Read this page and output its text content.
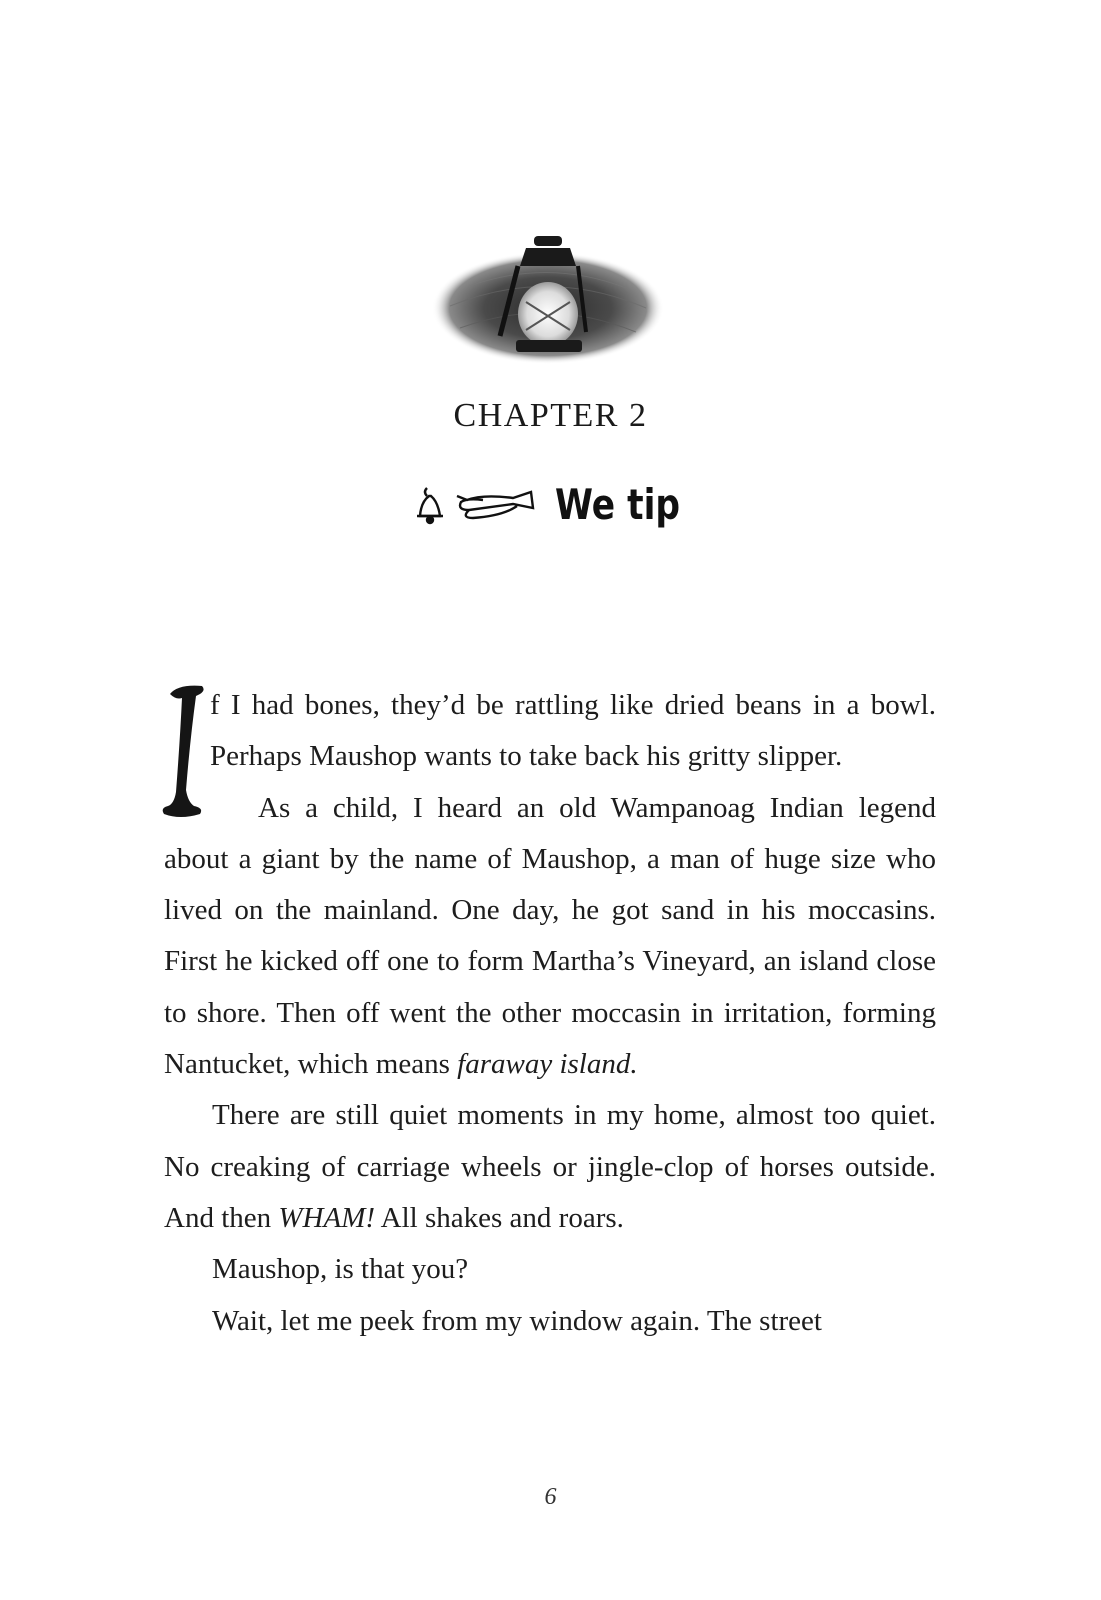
CHAPTER 2
We tip

f I had bones, they’d be rattling like dried beans in a bowl. Perhaps Maushop wants to take back his gritty slipper.

As a child, I heard an old Wampanoag Indian legend about a giant by the name of Maushop, a man of huge size who lived on the mainland. One day, he got sand in his moccasins. First he kicked off one to form Martha’s Vineyard, an island close to shore. Then off went the other moccasin in irritation, forming Nantucket, which means faraway island.

There are still quiet moments in my home, almost too quiet. No creaking of carriage wheels or jingle-clop of horses outside. And then WHAM! All shakes and roars.

Maushop, is that you?

Wait, let me peek from my window again. The street

6
